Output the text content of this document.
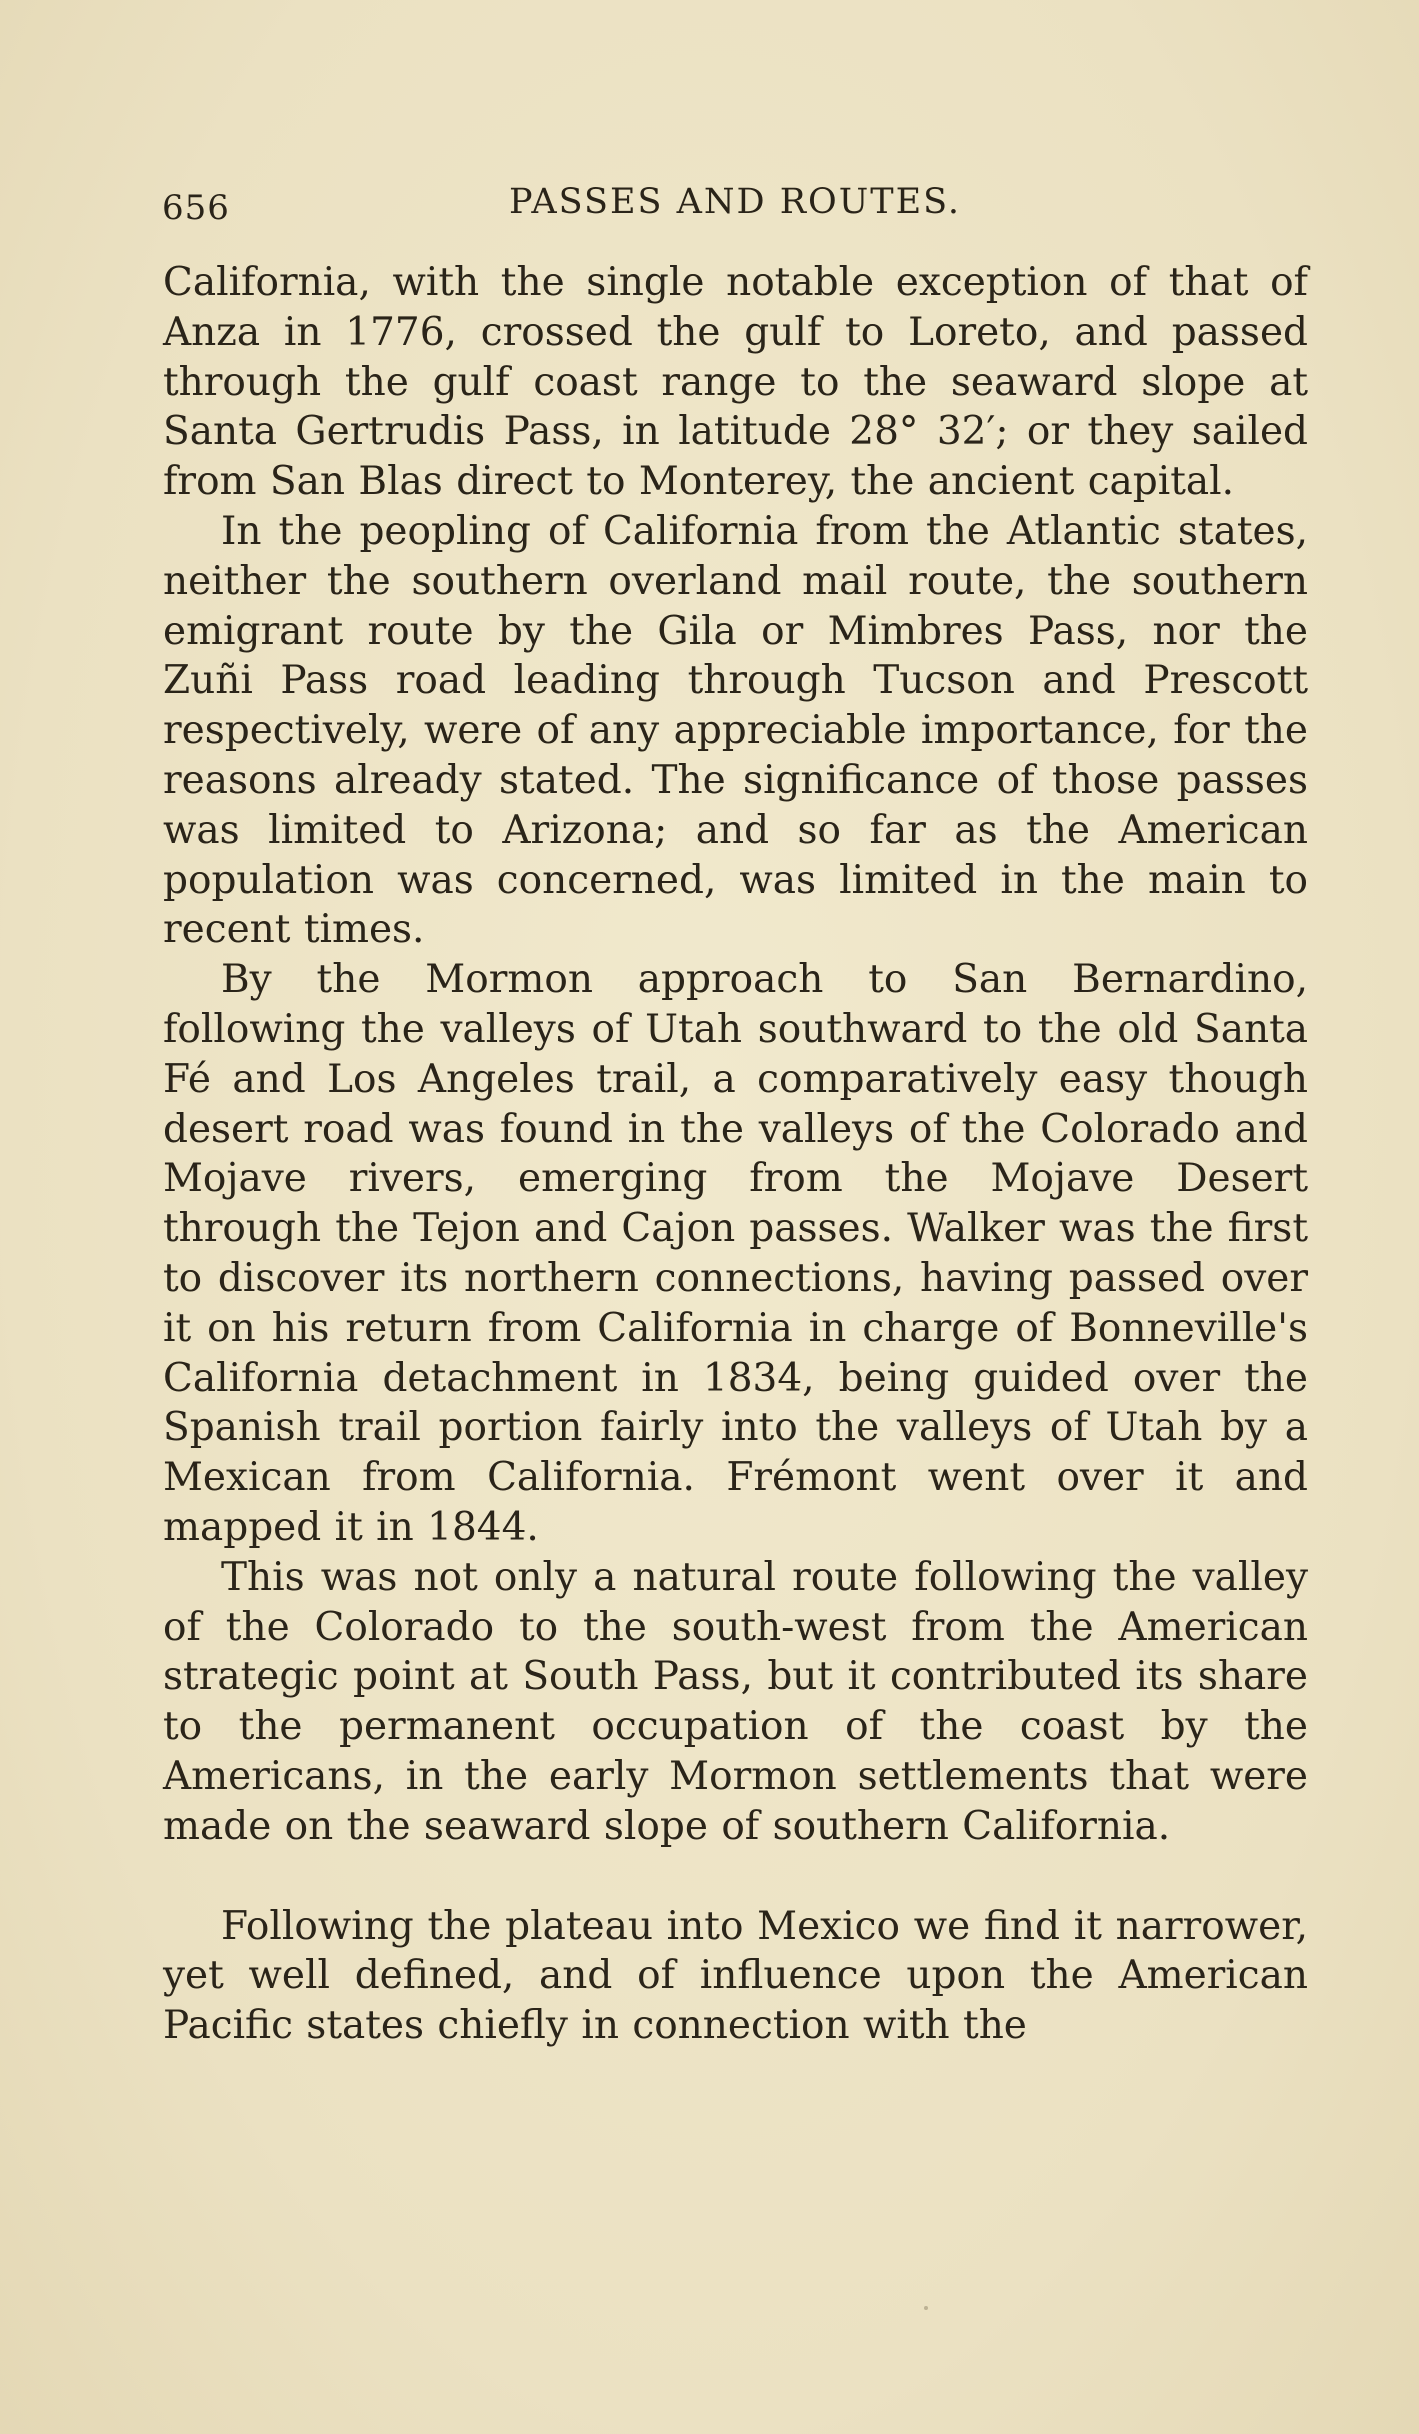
656	PASSES AND ROUTES.

California, with the single notable exception of that of Anza in 1776, crossed the gulf to Loreto, and passed through the gulf coast range to the seaward slope at Santa Gertrudis Pass, in latitude 28° 32′; or they sailed from San Blas direct to Monterey, the ancient capital.

In the peopling of California from the Atlantic states, neither the southern overland mail route, the southern emigrant route by the Gila or Mimbres Pass, nor the Zuñi Pass road leading through Tucson and Prescott respectively, were of any appreciable importance, for the reasons already stated. The significance of those passes was limited to Arizona; and so far as the American population was concerned, was limited in the main to recent times.

By the Mormon approach to San Bernardino, following the valleys of Utah southward to the old Santa Fé and Los Angeles trail, a comparatively easy though desert road was found in the valleys of the Colorado and Mojave rivers, emerging from the Mojave Desert through the Tejon and Cajon passes. Walker was the first to discover its northern connections, having passed over it on his return from California in charge of Bonneville's California detachment in 1834, being guided over the Spanish trail portion fairly into the valleys of Utah by a Mexican from California. Frémont went over it and mapped it in 1844.

This was not only a natural route following the valley of the Colorado to the south-west from the American strategic point at South Pass, but it contributed its share to the permanent occupation of the coast by the Americans, in the early Mormon settlements that were made on the seaward slope of southern California.

Following the plateau into Mexico we find it narrower, yet well defined, and of influence upon the American Pacific states chiefly in connection with the
